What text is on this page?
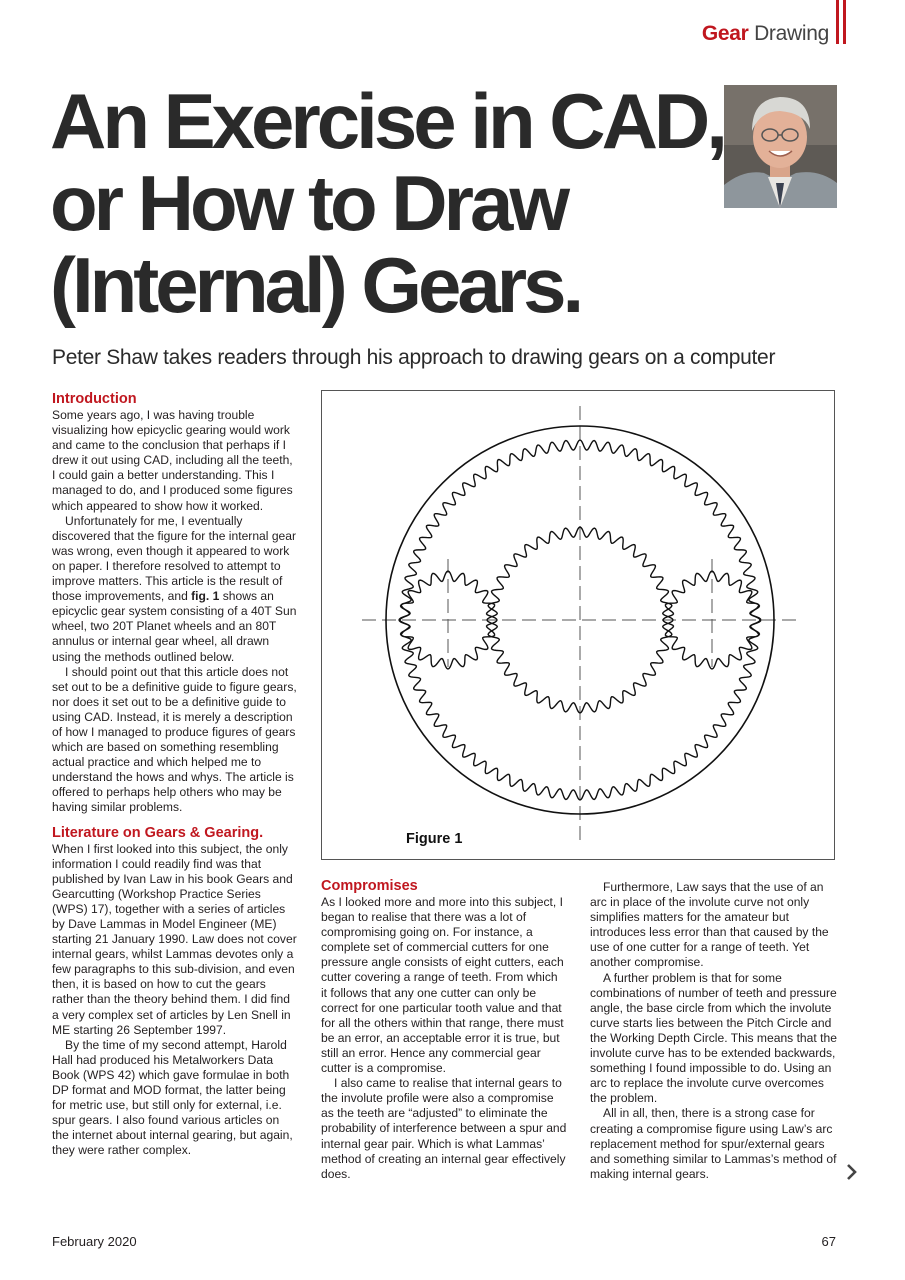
Gear Drawing
An Exercise in CAD,
or How to Draw
(Internal) Gears.
Peter Shaw takes readers through his approach to drawing gears on a computer
Introduction

Some years ago, I was having trouble visualizing how epicyclic gearing would work and came to the conclusion that perhaps if I drew it out using CAD, including all the teeth, I could gain a better understanding. This I managed to do, and I produced some figures which appeared to show how it worked.

Unfortunately for me, I eventually discovered that the figure for the internal gear was wrong, even though it appeared to work on paper. I therefore resolved to attempt to improve matters. This article is the result of those improvements, and fig. 1 shows an epicyclic gear system consisting of a 40T Sun wheel, two 20T Planet wheels and an 80T annulus or internal gear wheel, all drawn using the methods outlined below.

I should point out that this article does not set out to be a definitive guide to figure gears, nor does it set out to be a definitive guide to using CAD. Instead, it is merely a description of how I managed to produce figures of gears which are based on something resembling actual practice and which helped me to understand the hows and whys. The article is offered to perhaps help others who may be having similar problems.

Literature on Gears & Gearing.

When I first looked into this subject, the only information I could readily find was that published by Ivan Law in his book Gears and Gearcutting (Workshop Practice Series (WPS) 17), together with a series of articles by Dave Lammas in Model Engineer (ME) starting 21 January 1990. Law does not cover internal gears, whilst Lammas devotes only a few paragraphs to this sub-division, and even then, it is based on how to cut the gears rather than the theory behind them. I did find a very complex set of articles by Len Snell in ME starting 26 September 1997.

By the time of my second attempt, Harold Hall had produced his Metalworkers Data Book (WPS 42) which gave formulae in both DP format and MOD format, the latter being for metric use, but still only for external, i.e. spur gears. I also found various articles on the internet about internal gearing, but again, they were rather complex.

Figure 1
Compromises

As I looked more and more into this subject, I began to realise that there was a lot of compromising going on. For instance, a complete set of commercial cutters for one pressure angle consists of eight cutters, each cutter covering a range of teeth. From which it follows that any one cutter can only be correct for one particular tooth value and that for all the others within that range, there must be an error, an acceptable error it is true, but still an error. Hence any commercial gear cutter is a compromise.

I also came to realise that internal gears to the involute profile were also a compromise as the teeth are “adjusted” to eliminate the probability of interference between a spur and internal gear pair. Which is what Lammas’ method of creating an internal gear effectively does.

Furthermore, Law says that the use of an arc in place of the involute curve not only simplifies matters for the amateur but introduces less error than that caused by the use of one cutter for a range of teeth. Yet another compromise.

A further problem is that for some combinations of number of teeth and pressure angle, the base circle from which the involute curve starts lies between the Pitch Circle and the Working Depth Circle. This means that the involute curve has to be extended backwards, something I found impossible to do. Using an arc to replace the involute curve overcomes the problem.

All in all, then, there is a strong case for creating a compromise figure using Law’s arc replacement method for spur/external gears and something similar to Lammas’s method of making internal gears.

February 2020	67
